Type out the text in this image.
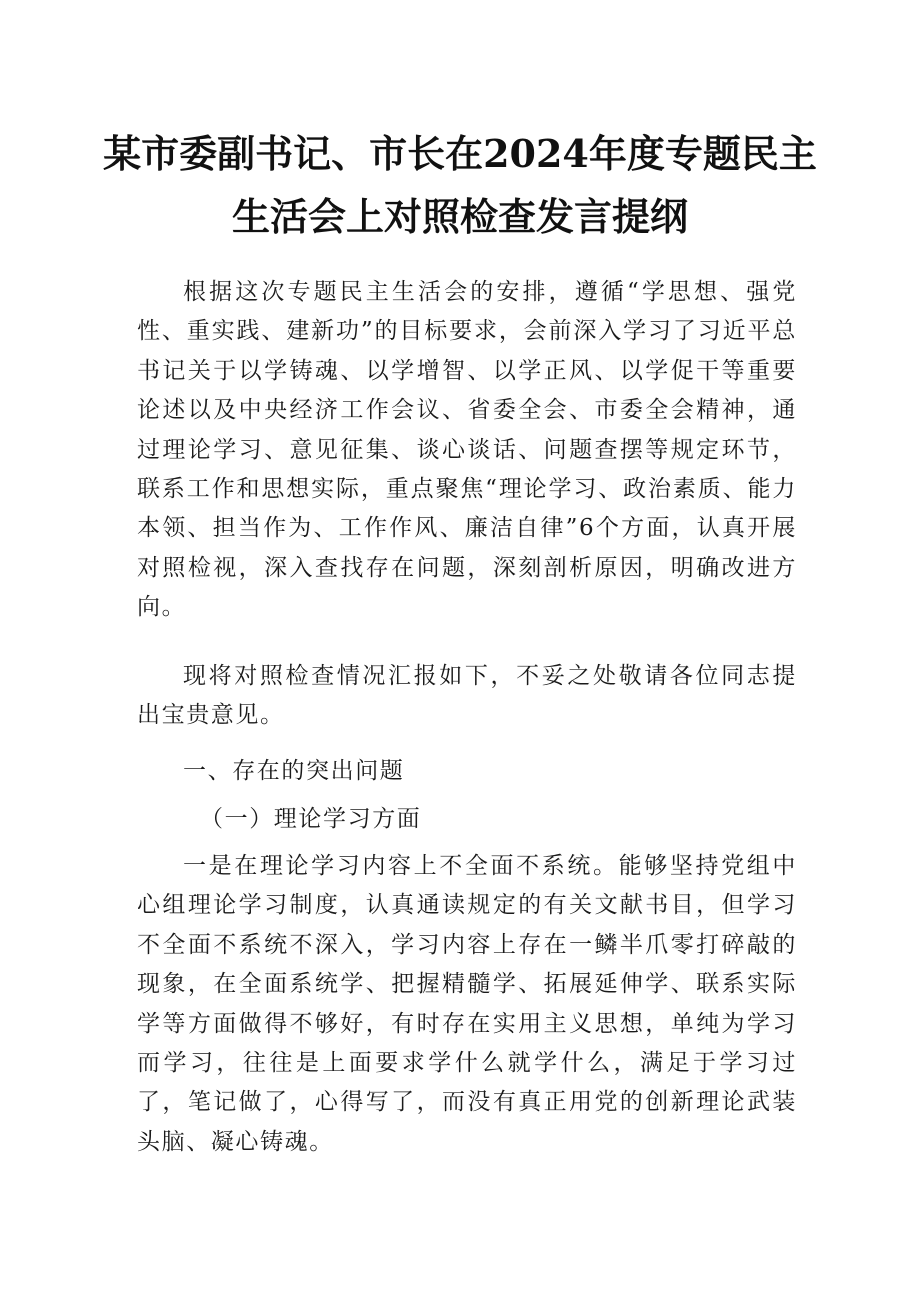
某市委副书记、市长在2024年度专题民主
生活会上对照检查发言提纲

根据这次专题民主生活会的安排，遵循“学思想、强党性、重实践、建新功”的目标要求，会前深入学习了习近平总书记关于以学铸魂、以学增智、以学正风、以学促干等重要论述以及中央经济工作会议、省委全会、市委全会精神，通过理论学习、意见征集、谈心谈话、问题查摆等规定环节，联系工作和思想实际，重点聚焦“理论学习、政治素质、能力本领、担当作为、工作作风、廉洁自律”6个方面，认真开展对照检视，深入查找存在问题，深刻剖析原因，明确改进方向。

现将对照检查情况汇报如下，不妥之处敬请各位同志提出宝贵意见。

一、存在的突出问题

（一）理论学习方面

一是在理论学习内容上不全面不系统。能够坚持党组中心组理论学习制度，认真通读规定的有关文献书目，但学习不全面不系统不深入，学习内容上存在一鳞半爪零打碎敲的现象，在全面系统学、把握精髓学、拓展延伸学、联系实际学等方面做得不够好，有时存在实用主义思想，单纯为学习而学习，往往是上面要求学什么就学什么，满足于学习过了，笔记做了，心得写了，而没有真正用党的创新理论武装头脑、凝心铸魂。
